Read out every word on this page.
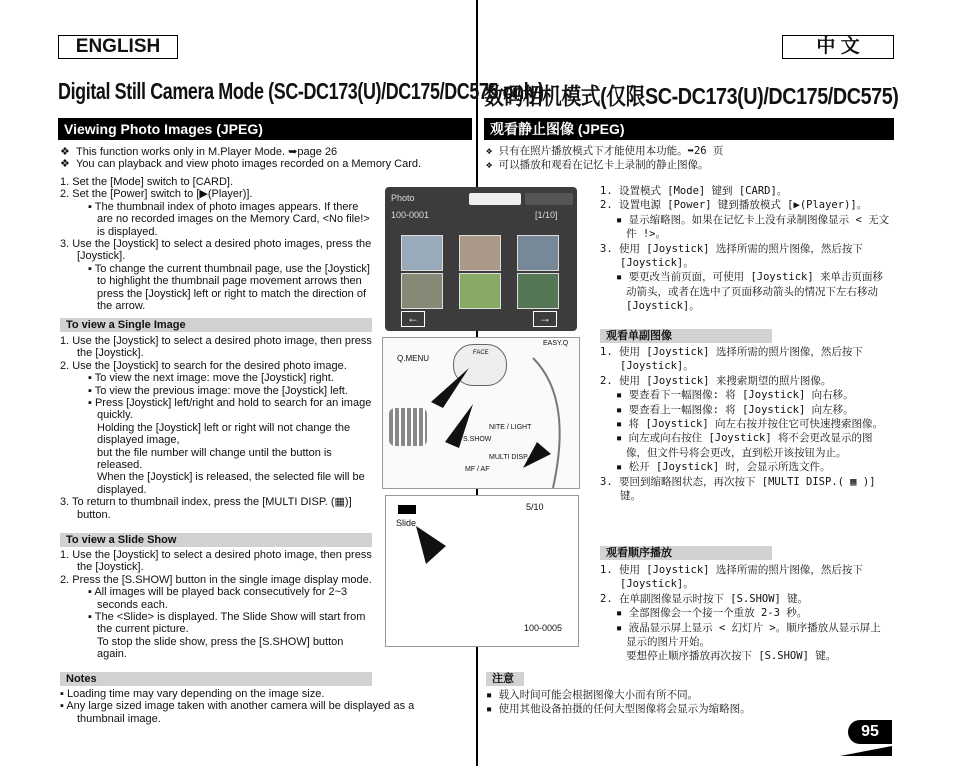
ENGLISH	中 文
Digital Still Camera Mode (SC-DC173(U)/DC175/DC575 only)
数码相机模式(仅限SC-DC173(U)/DC175/DC575)
Viewing Photo Images (JPEG)	观看静止图像 (JPEG)

❖  This function works only in M.Player Mode. ➥page 26

❖  You can playback and view photo images recorded on a Memory Card.

1. Set the [Mode] switch to [CARD].

2. Set the [Power] switch to [▶(Player)].

▪ The thumbnail index of photo images appears. If there are no recorded images on the Memory Card, <No file!> is displayed.

3. Use the [Joystick] to select a desired photo images, press the [Joystick].

▪ To change the current thumbnail page, use the [Joystick] to highlight the thumbnail page movement arrows then press the [Joystick] left or right to match the direction of the arrow.

To view a Single Image

1. Use the [Joystick] to select a desired photo image, then press the [Joystick].

2. Use the [Joystick] to search for the desired photo image.

▪ To view the next image: move the [Joystick] right.

▪ To view the previous image: move the [Joystick] left.

▪ Press [Joystick] left/right and hold to search for an image quickly.

Holding the [Joystick] left or right will not change the displayed image,

but the file number will change until the button is released.

When the [Joystick] is released, the selected file will be displayed.

3. To return to thumbnail index, press the [MULTI DISP. (▦)] button.

To view a Slide Show

1. Use the [Joystick] to select a desired photo image, then press the [Joystick].

2. Press the [S.SHOW] button in the single image display mode.

▪ All images will be played back consecutively for 2~3 seconds each.

▪ The <Slide> is displayed. The Slide Show will start from the current picture.

To stop the slide show, press the [S.SHOW] button again.

Notes

▪ Loading time may vary depending on the image size.

▪ Any large sized image taken with another camera will be displayed as a thumbnail image.

Photo
100-0001	[1/10]
←	→
Q.MENU
FACE
EASY.Q
NITE / LIGHT
S.SHOW
MULTI DISP.
MF / AF
5/10
Slide
100-0005

❖ 只有在照片播放模式下才能使用本功能。➥26 页

❖ 可以播放和观看在记忆卡上录制的静止图像。

1. 设置模式 [Mode] 键到 [CARD]。

2. 设置电源 [Power] 键到播放模式 [▶(Player)]。

▪ 显示缩略图。如果在记忆卡上没有录制图像显示 < 无文件 !>。

3. 使用 [Joystick] 选择所需的照片图像，然后按下 [Joystick]。

▪ 要更改当前页面，可使用 [Joystick] 来单击页面移动箭头，或者在选中了页面移动箭头的情况下左右移动 [Joystick]。

观看单副图像

1. 使用 [Joystick] 选择所需的照片图像，然后按下 [Joystick]。

2. 使用 [Joystick] 来搜索期望的照片图像。

▪ 要查看下一幅图像: 将 [Joystick] 向右移。

▪ 要查看上一幅图像: 将 [Joystick] 向左移。

▪ 将 [Joystick] 向左右按并按住它可快速搜索图像。

▪ 向左或向右按住 [Joystick] 将不会更改显示的图像，但文件号将会更改，直到松开该按钮为止。

▪ 松开 [Joystick] 时，会显示所选文件。

3. 要回到缩略图状态，再次按下 [MULTI DISP.( ▦ )] 键。

观看顺序播放

1. 使用 [Joystick] 选择所需的照片图像，然后按下 [Joystick]。

2. 在单副图像显示时按下 [S.SHOW] 键。

▪ 全部图像会一个接一个重放 2-3 秒。

▪ 液晶显示屏上显示 < 幻灯片 >。顺序播放从显示屏上显示的图片开始。

要想停止顺序播放再次按下 [S.SHOW] 键。

注意

▪ 载入时间可能会根据图像大小而有所不同。

▪ 使用其他设备拍摄的任何大型图像将会显示为缩略图。

95
